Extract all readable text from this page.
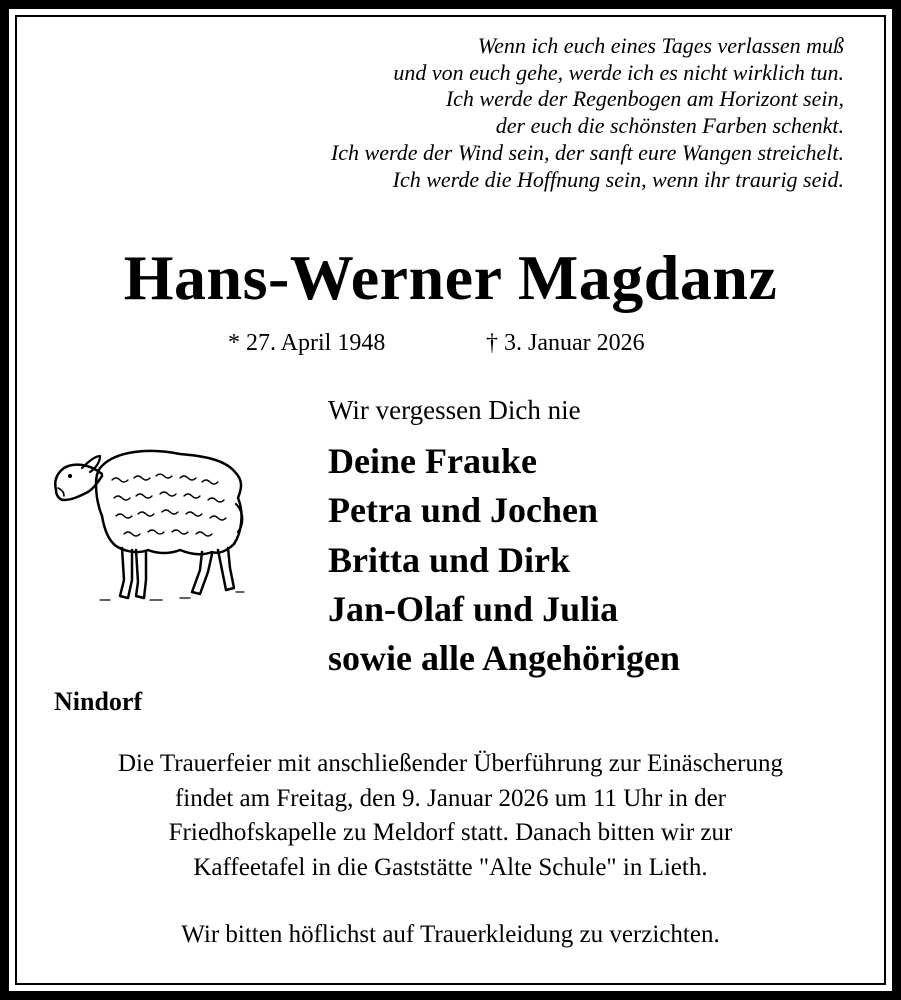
Wenn ich euch eines Tages verlassen muß
und von euch gehe, werde ich es nicht wirklich tun.
Ich werde der Regenbogen am Horizont sein,
der euch die schönsten Farben schenkt.
Ich werde der Wind sein, der sanft eure Wangen streichelt.
Ich werde die Hoffnung sein, wenn ihr traurig seid.
Hans-Werner Magdanz
* 27. April 1948	† 3. Januar 2026
Wir vergessen Dich nie
Deine Frauke
Petra und Jochen
Britta und Dirk
Jan-Olaf und Julia
sowie alle Angehörigen
Nindorf
Die Trauerfeier mit anschließender Überführung zur Einäscherung
findet am Freitag, den 9. Januar 2026 um 11 Uhr in der
Friedhofskapelle zu Meldorf statt. Danach bitten wir zur
Kaffeetafel in die Gaststätte "Alte Schule" in Lieth.
Wir bitten höflichst auf Trauerkleidung zu verzichten.
